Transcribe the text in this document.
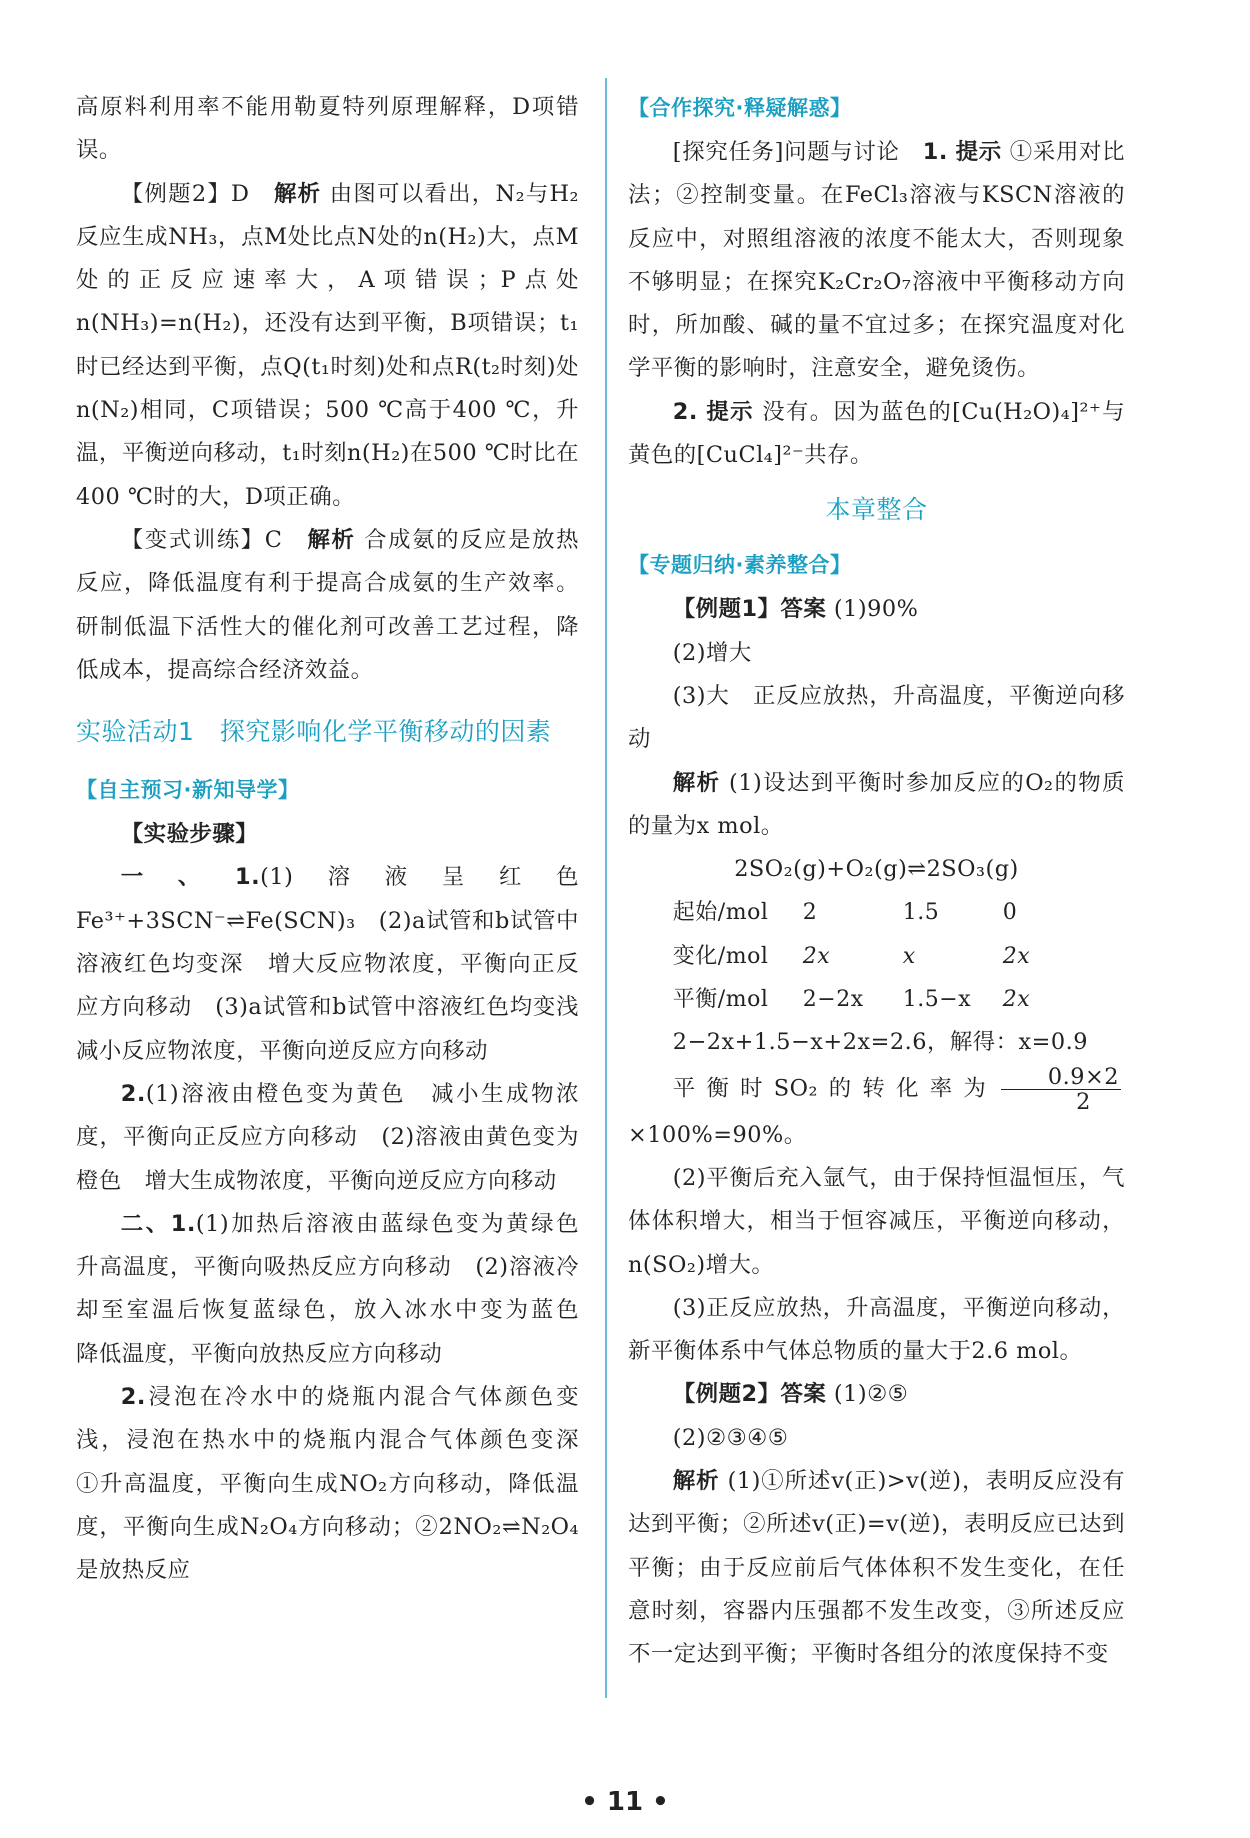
高原料利用率不能用勒夏特列原理解释，D项错误。

【例题2】D　 解析 由图可以看出，N₂与H₂反应生成NH₃，点M处比点N处的n(H₂)大，点M处的正反应速率大，A项错误；P点处n(NH₃)=n(H₂)，还没有达到平衡，B项错误；t₁时已经达到平衡，点Q(t₁时刻)处和点R(t₂时刻)处n(N₂)相同，C项错误；500 ℃高于400 ℃，升温，平衡逆向移动，t₁时刻n(H₂)在500 ℃时比在400 ℃时的大，D项正确。

【变式训练】C　 解析 合成氨的反应是放热反应，降低温度有利于提高合成氨的生产效率。研制低温下活性大的催化剂可改善工艺过程，降低成本，提高综合经济效益。

实验活动1　探究影响化学平衡移动的因素
【自主预习·新知导学】

【实验步骤】

一、1.(1)溶液呈红色　Fe³⁺+3SCN⁻⇌Fe(SCN)₃　(2)a试管和b试管中溶液红色均变深　增大反应物浓度，平衡向正反应方向移动　(3)a试管和b试管中溶液红色均变浅　减小反应物浓度，平衡向逆反应方向移动

2.(1)溶液由橙色变为黄色　减小生成物浓度，平衡向正反应方向移动　(2)溶液由黄色变为橙色　增大生成物浓度，平衡向逆反应方向移动

二、1.(1)加热后溶液由蓝绿色变为黄绿色　升高温度，平衡向吸热反应方向移动　(2)溶液冷却至室温后恢复蓝绿色，放入冰水中变为蓝色　降低温度，平衡向放热反应方向移动

2.浸泡在冷水中的烧瓶内混合气体颜色变浅，浸泡在热水中的烧瓶内混合气体颜色变深　①升高温度，平衡向生成NO₂方向移动，降低温度，平衡向生成N₂O₄方向移动；②2NO₂⇌N₂O₄是放热反应

【合作探究·释疑解惑】

[探究任务]问题与讨论　 1. 提示 ①采用对比法；②控制变量。在FeCl₃溶液与KSCN溶液的反应中，对照组溶液的浓度不能太大，否则现象不够明显；在探究K₂Cr₂O₇溶液中平衡移动方向时，所加酸、碱的量不宜过多；在探究温度对化学平衡的影响时，注意安全，避免烫伤。

2. 提示 没有。因为蓝色的[Cu(H₂O)₄]²⁺与黄色的[CuCl₄]²⁻共存。

本章整合
【专题归纳·素养整合】

【例题1】答案 (1)90%

(2)增大

(3)大　正反应放热，升高温度，平衡逆向移动

解析 (1)设达到平衡时参加反应的O₂的物质的量为x mol。

2SO₂(g)+O₂(g)⇌2SO₃(g)

起始/mol	2	1.5	0
变化/mol	2x	x	2x
平衡/mol	2−2x	1.5−x	2x

2−2x+1.5−x+2x=2.6，解得：x=0.9

平衡时SO₂的转化率为 $\frac{0.9\times 2}{2}$
×100%=90%。

(2)平衡后充入氩气，由于保持恒温恒压，气体体积增大，相当于恒容减压，平衡逆向移动，n(SO₂)增大。

(3)正反应放热，升高温度，平衡逆向移动，新平衡体系中气体总物质的量大于2.6 mol。

【例题2】答案 (1)②⑤

(2)②③④⑤

解析 (1)①所述v(正)>v(逆)，表明反应没有达到平衡；②所述v(正)=v(逆)，表明反应已达到平衡；由于反应前后气体体积不发生变化，在任意时刻，容器内压强都不发生改变，③所述反应不一定达到平衡；平衡时各组分的浓度保持不变

• 11 •
